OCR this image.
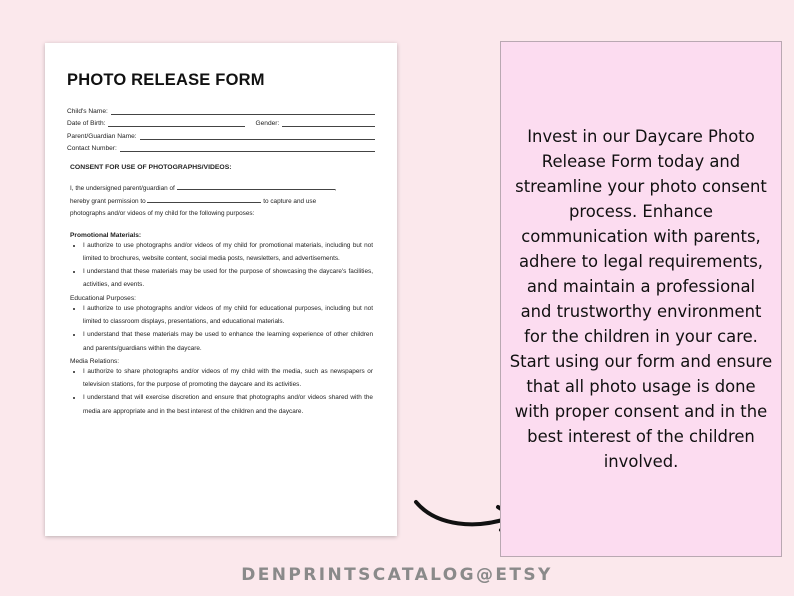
PHOTO RELEASE FORM
Child's Name:
Date of Birth:	Gender:
Parent/Guardian Name:
Contact Number:
CONSENT FOR USE OF PHOTOGRAPHS/VIDEOS:
I, the undersigned parent/guardian of	,
hereby grant permission to	to capture and use
photographs and/or videos of my child for the following purposes:
Promotional Materials:
• I authorize to use photographs and/or videos of my child for promotional materials, including but not limited to brochures, website content, social media posts, newsletters, and advertisements.
• I understand that these materials may be used for the purpose of showcasing the daycare's facilities, activities, and events.
Educational Purposes:
• I authorize to use photographs and/or videos of my child for educational purposes, including but not limited to classroom displays, presentations, and educational materials.
• I understand that these materials may be used to enhance the learning experience of other children and parents/guardians within the daycare.
Media Relations:
• I authorize to share photographs and/or videos of my child with the media, such as newspapers or television stations, for the purpose of promoting the daycare and its activities.
• I understand that will exercise discretion and ensure that photographs and/or videos shared with the media are appropriate and in the best interest of the children and the daycare.

Invest in our Daycare Photo Release Form today and streamline your photo consent process. Enhance communication with parents, adhere to legal requirements, and maintain a professional and trustworthy environment for the children in your care. Start using our form and ensure that all photo usage is done with proper consent and in the best interest of the children involved.

DENPRINTSCATALOG@ETSY
